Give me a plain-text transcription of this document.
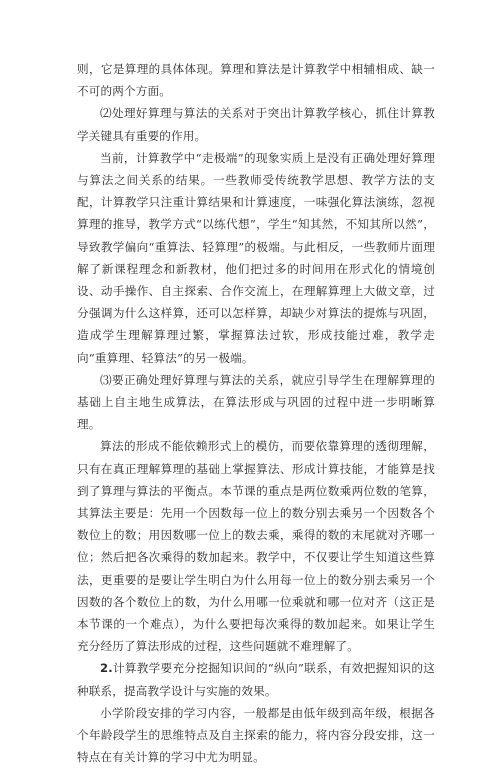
则，它是算理的具体体现。算理和算法是计算教学中相辅相成、缺一不可的两个方面。

⑵处理好算理与算法的关系对于突出计算教学核心，抓住计算教学关键具有重要的作用。

当前，计算教学中“走极端”的现象实质上是没有正确处理好算理与算法之间关系的结果。一些教师受传统教学思想、教学方法的支配，计算教学只注重计算结果和计算速度，一味强化算法演练，忽视算理的推导，教学方式“以练代想”，学生“知其然，不知其所以然”，导致教学偏向“重算法、轻算理”的极端。与此相反，一些教师片面理解了新课程理念和新教材，他们把过多的时间用在形式化的情境创设、动手操作、自主探索、合作交流上，在理解算理上大做文章，过分强调为什么这样算，还可以怎样算，却缺少对算法的提炼与巩固，造成学生理解算理过繁，掌握算法过软，形成技能过难，教学走向“重算理、轻算法”的另一极端。

⑶要正确处理好算理与算法的关系，就应引导学生在理解算理的基础上自主地生成算法，在算法形成与巩固的过程中进一步明晰算理。

算法的形成不能依赖形式上的模仿，而要依靠算理的透彻理解，只有在真正理解算理的基础上掌握算法、形成计算技能，才能算是找到了算理与算法的平衡点。本节课的重点是两位数乘两位数的笔算，其算法主要是：先用一个因数每一位上的数分别去乘另一个因数各个数位上的数；用因数哪一位上的数去乘，乘得的数的末尾就对齐哪一位；然后把各次乘得的数加起来。教学中，不仅要让学生知道这些算法，更重要的是要让学生明白为什么用每一位上的数分别去乘另一个因数的各个数位上的数，为什么用哪一位乘就和哪一位对齐（这正是本节课的一个难点），为什么要把每次乘得的数加起来。如果让学生充分经历了算法形成的过程，这些问题就不难理解了。

2.计算教学要充分挖掘知识间的“纵向”联系，有效把握知识的这种联系，提高教学设计与实施的效果。

小学阶段安排的学习内容，一般都是由低年级到高年级，根据各个年龄段学生的思维特点及自主探索的能力，将内容分段安排，这一特点在有关计算的学习中尤为明显。
